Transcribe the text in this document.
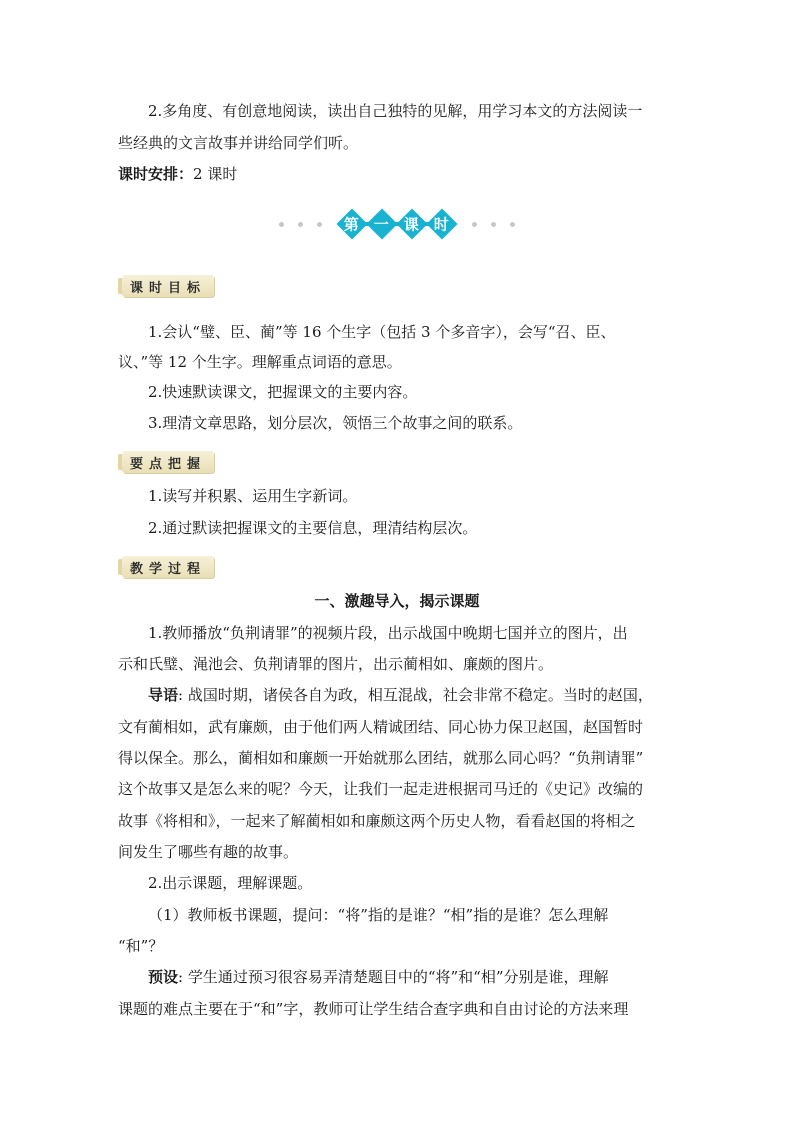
2.多角度、有创意地阅读，读出自己独特的见解，用学习本文的方法阅读一
些经典的文言故事并讲给同学们听。
课时安排：2 课时
第 一 课 时
课时目标
1.会认“璧、臣、蔺”等 16 个生字（包括 3 个多音字），会写“召、臣、
议、”等 12 个生字。理解重点词语的意思。
2.快速默读课文，把握课文的主要内容。
3.理清文章思路，划分层次，领悟三个故事之间的联系。
要点把握
1.读写并积累、运用生字新词。
2.通过默读把握课文的主要信息，理清结构层次。
教学过程
一、激趣导入，揭示课题
1.教师播放“负荆请罪”的视频片段，出示战国中晚期七国并立的图片，出
示和氏璧、渑池会、负荆请罪的图片，出示蔺相如、廉颇的图片。
导语: 战国时期，诸侯各自为政，相互混战，社会非常不稳定。当时的赵国，
文有蔺相如，武有廉颇，由于他们两人精诚团结、同心协力保卫赵国，赵国暂时
得以保全。那么，蔺相如和廉颇一开始就那么团结，就那么同心吗？“负荆请罪”
这个故事又是怎么来的呢？今天，让我们一起走进根据司马迁的《史记》改编的
故事《将相和》，一起来了解蔺相如和廉颇这两个历史人物，看看赵国的将相之
间发生了哪些有趣的故事。
2.出示课题，理解课题。
（1）教师板书课题，提问：“将”指的是谁？“相”指的是谁？怎么理解
“和”？
预设: 学生通过预习很容易弄清楚题目中的“将”和“相”分别是谁，理解
课题的难点主要在于“和”字，教师可让学生结合查字典和自由讨论的方法来理
